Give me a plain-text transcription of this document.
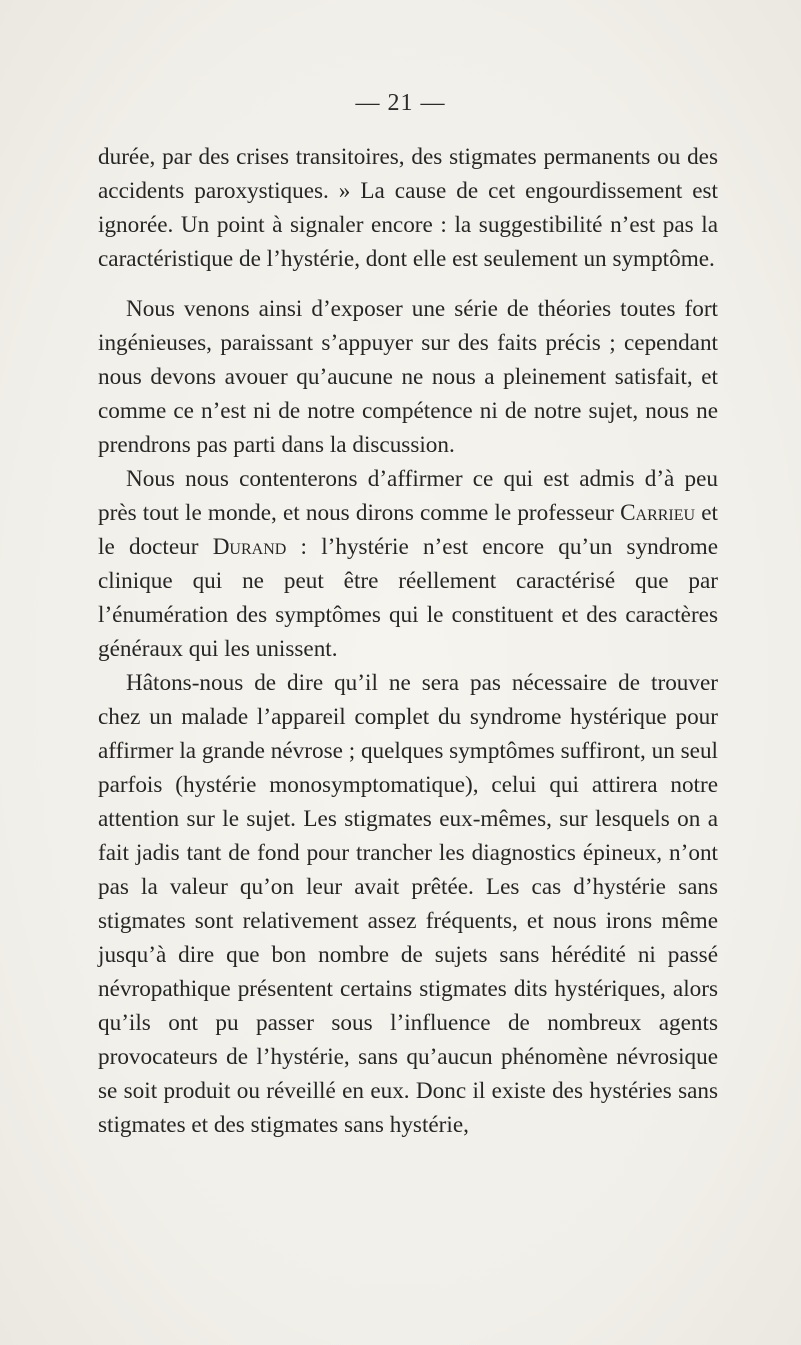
— 21 —

durée, par des crises transitoires, des stigmates permanents ou des accidents paroxystiques. » La cause de cet engourdissement est ignorée. Un point à signaler encore : la suggestibilité n’est pas la caractéristique de l’hystérie, dont elle est seulement un symptôme.

Nous venons ainsi d’exposer une série de théories toutes fort ingénieuses, paraissant s’appuyer sur des faits précis ; cependant nous devons avouer qu’aucune ne nous a pleinement satisfait, et comme ce n’est ni de notre compétence ni de notre sujet, nous ne prendrons pas parti dans la discussion.

Nous nous contenterons d’affirmer ce qui est admis d’à peu près tout le monde, et nous dirons comme le professeur Carrieu et le docteur Durand : l’hystérie n’est encore qu’un syndrome clinique qui ne peut être réellement caractérisé que par l’énumération des symptômes qui le constituent et des caractères généraux qui les unissent.

Hâtons-nous de dire qu’il ne sera pas nécessaire de trouver chez un malade l’appareil complet du syndrome hystérique pour affirmer la grande névrose ; quelques symptômes suffiront, un seul parfois (hystérie monosymptomatique), celui qui attirera notre attention sur le sujet. Les stigmates eux-mêmes, sur lesquels on a fait jadis tant de fond pour trancher les diagnostics épineux, n’ont pas la valeur qu’on leur avait prêtée. Les cas d’hystérie sans stigmates sont relativement assez fréquents, et nous irons même jusqu’à dire que bon nombre de sujets sans hérédité ni passé névropathique présentent certains stigmates dits hystériques, alors qu’ils ont pu passer sous l’influence de nombreux agents provocateurs de l’hystérie, sans qu’aucun phénomène névrosique se soit produit ou réveillé en eux. Donc il existe des hystéries sans stigmates et des stigmates sans hystérie,
